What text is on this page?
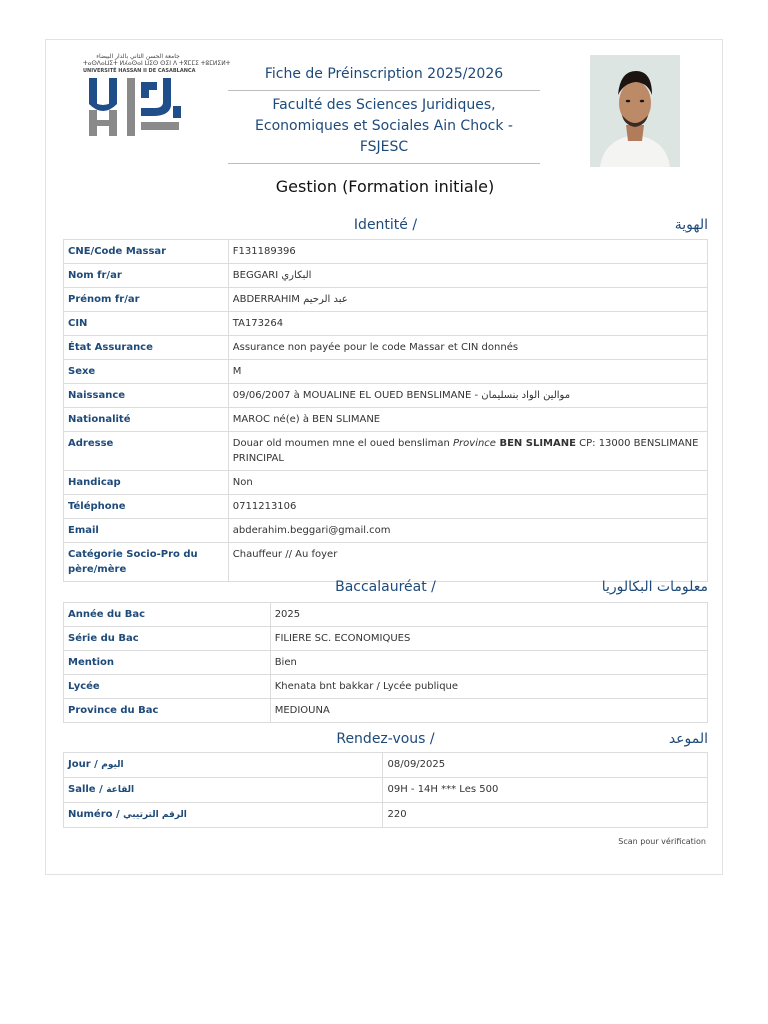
جامعة الحسن الثاني بالدار البيضاء
ⵜⴰⵙⴷⴰⵡⵉⵜ ⵍⵃⴰⵙⴰⵏ ⵡⵉⵙ ⵙⵉⵏ ⴷ ⵜⴳⵎⵎⵉ ⵜⵓⵎⵍⵉⵍⵜ
UNIVERSITÉ HASSAN II DE CASABLANCA	Fiche de Préinscription 2025/2026
Faculté des Sciences Juridiques, Economiques et Sociales Ain Chock - FSJESC
Gestion (Formation initiale)
Identité /	الهوية
CNE/Code Massar	F131189396
Nom fr/ar	BEGGARI البكاري
Prénom fr/ar	ABDERRAHIM عبد الرحيم
CIN	TA173264
État Assurance	Assurance non payée pour le code Massar et CIN donnés
Sexe	M
Naissance	09/06/2007 à MOUALINE EL OUED BENSLIMANE - موالين الواد بنسليمان
Nationalité	MAROC né(e) à BEN SLIMANE
Adresse	Douar old moumen mne el oued bensliman Province BEN SLIMANE CP: 13000 BENSLIMANE PRINCIPAL
Handicap	Non
Téléphone	0711213106
Email	abderahim.beggari@gmail.com
Catégorie Socio-Pro du père/mère	Chauffeur // Au foyer
Baccalauréat /	معلومات البكالوريا
Année du Bac	2025
Série du Bac	FILIERE SC. ECONOMIQUES
Mention	Bien
Lycée	Khenata bnt bakkar / Lycée publique
Province du Bac	MEDIOUNA
Rendez-vous /	الموعد
Jour / اليوم	08/09/2025
Salle / القاعة	09H - 14H *** Les 500
Numéro / الرقم الترتيبي	220
Scan pour vérification
